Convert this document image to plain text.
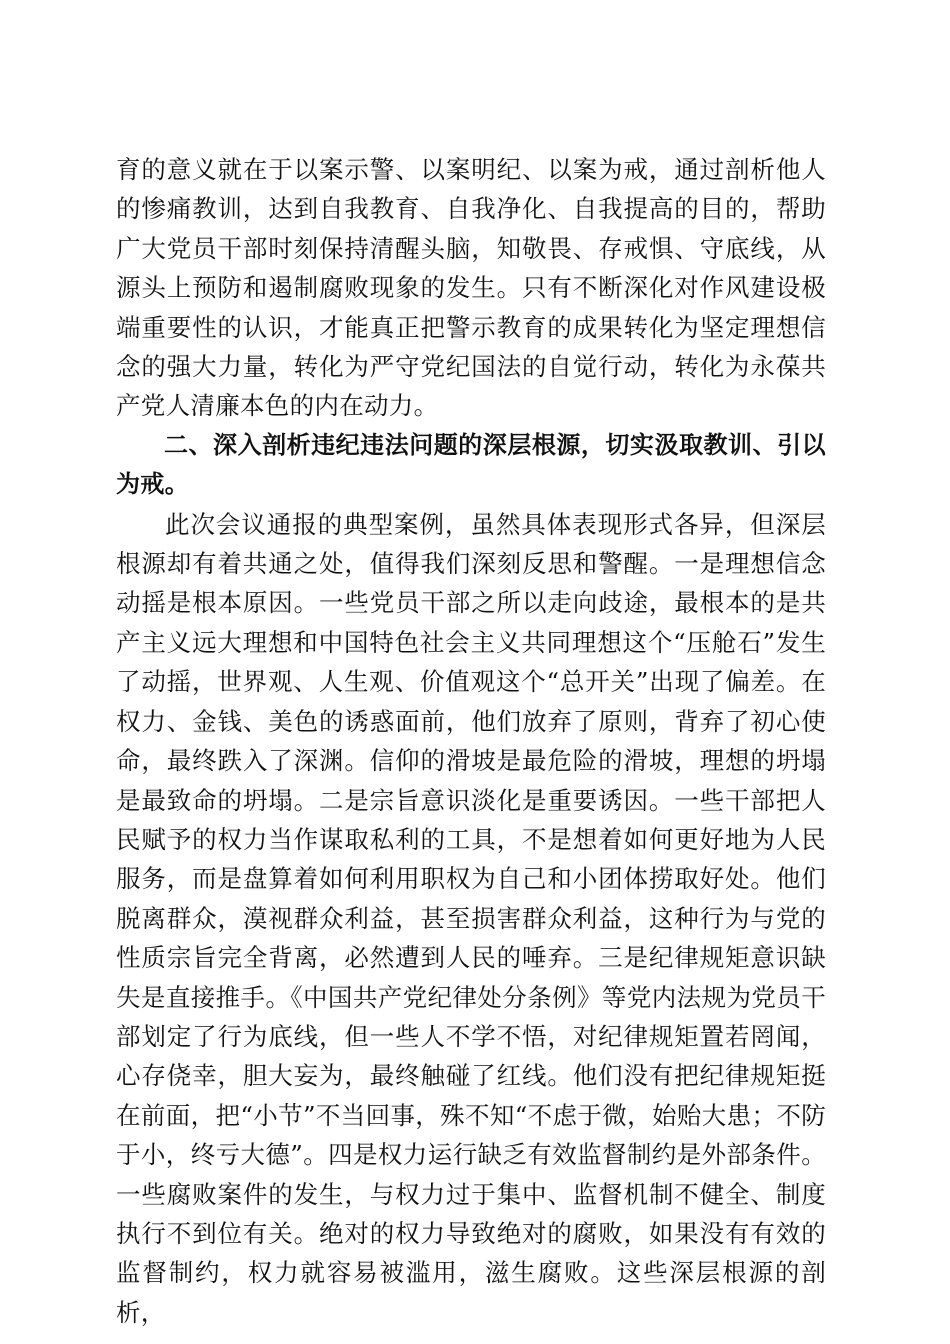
育的意义就在于以案示警、以案明纪、以案为戒，通过剖析他人的惨痛教训，达到自我教育、自我净化、自我提高的目的，帮助广大党员干部时刻保持清醒头脑，知敬畏、存戒惧、守底线，从源头上预防和遏制腐败现象的发生。只有不断深化对作风建设极端重要性的认识，才能真正把警示教育的成果转化为坚定理想信念的强大力量，转化为严守党纪国法的自觉行动，转化为永葆共产党人清廉本色的内在动力。

二、深入剖析违纪违法问题的深层根源，切实汲取教训、引以为戒。

此次会议通报的典型案例，虽然具体表现形式各异，但深层根源却有着共通之处，值得我们深刻反思和警醒。一是理想信念动摇是根本原因。一些党员干部之所以走向歧途，最根本的是共产主义远大理想和中国特色社会主义共同理想这个“压舱石”发生了动摇，世界观、人生观、价值观这个“总开关”出现了偏差。在权力、金钱、美色的诱惑面前，他们放弃了原则，背弃了初心使命，最终跌入了深渊。信仰的滑坡是最危险的滑坡，理想的坍塌是最致命的坍塌。二是宗旨意识淡化是重要诱因。一些干部把人民赋予的权力当作谋取私利的工具，不是想着如何更好地为人民服务，而是盘算着如何利用职权为自己和小团体捞取好处。他们脱离群众，漠视群众利益，甚至损害群众利益，这种行为与党的性质宗旨完全背离，必然遭到人民的唾弃。三是纪律规矩意识缺失是直接推手。《中国共产党纪律处分条例》等党内法规为党员干部划定了行为底线，但一些人不学不悟，对纪律规矩置若罔闻，心存侥幸，胆大妄为，最终触碰了红线。他们没有把纪律规矩挺在前面，把“小节”不当回事，殊不知“不虑于微，始贻大患；不防于小，终亏大德”。四是权力运行缺乏有效监督制约是外部条件。一些腐败案件的发生，与权力过于集中、监督机制不健全、制度执行不到位有关。绝对的权力导致绝对的腐败，如果没有有效的监督制约，权力就容易被滥用，滋生腐败。这些深层根源的剖析，
